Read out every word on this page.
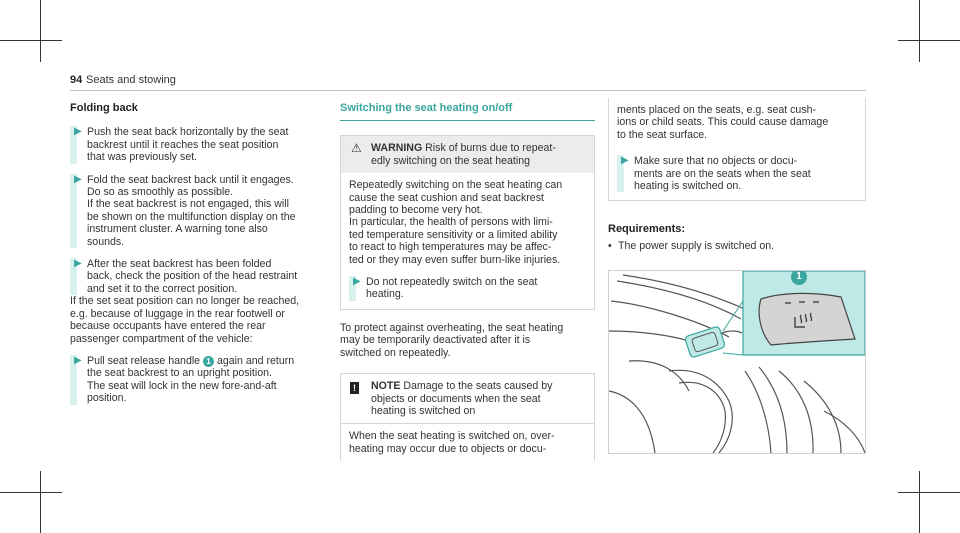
94 Seats and stowing
Folding back
▶ Push the seat back horizontally by the seat
backrest until it reaches the seat position
that was previously set.
▶ Fold the seat backrest back until it engages.
Do so as smoothly as possible.
If the seat backrest is not engaged, this will
be shown on the multifunction display on the
instrument cluster. A warning tone also
sounds.
▶ After the seat backrest has been folded
back, check the position of the head restraint
and set it to the correct position.
If the set seat position can no longer be reached,
e.g. because of luggage in the rear footwell or
because occupants have entered the rear
passenger compartment of the vehicle:
▶ Pull seat release handle 1 again and return
the seat backrest to an upright position.
The seat will lock in the new fore-and-aft
position.
Switching the seat heating on/off
⚠ WARNING Risk of burns due to repeat-
edly switching on the seat heating
Repeatedly switching on the seat heating can
cause the seat cushion and seat backrest
padding to become very hot.
In particular, the health of persons with limi-
ted temperature sensitivity or a limited ability
to react to high temperatures may be affec-
ted or they may even suffer burn-like injuries.
▶ Do not repeatedly switch on the seat
heating.
To protect against overheating, the seat heating
may be temporarily deactivated after it is
switched on repeatedly.
!	NOTE Damage to the seats caused by
objects or documents when the seat
heating is switched on
When the seat heating is switched on, over-
heating may occur due to objects or docu-
ments placed on the seats, e.g. seat cush-
ions or child seats. This could cause damage
to the seat surface.
▶ Make sure that no objects or docu-
ments are on the seats when the seat
heating is switched on.
Requirements:
• The power supply is switched on.
1
